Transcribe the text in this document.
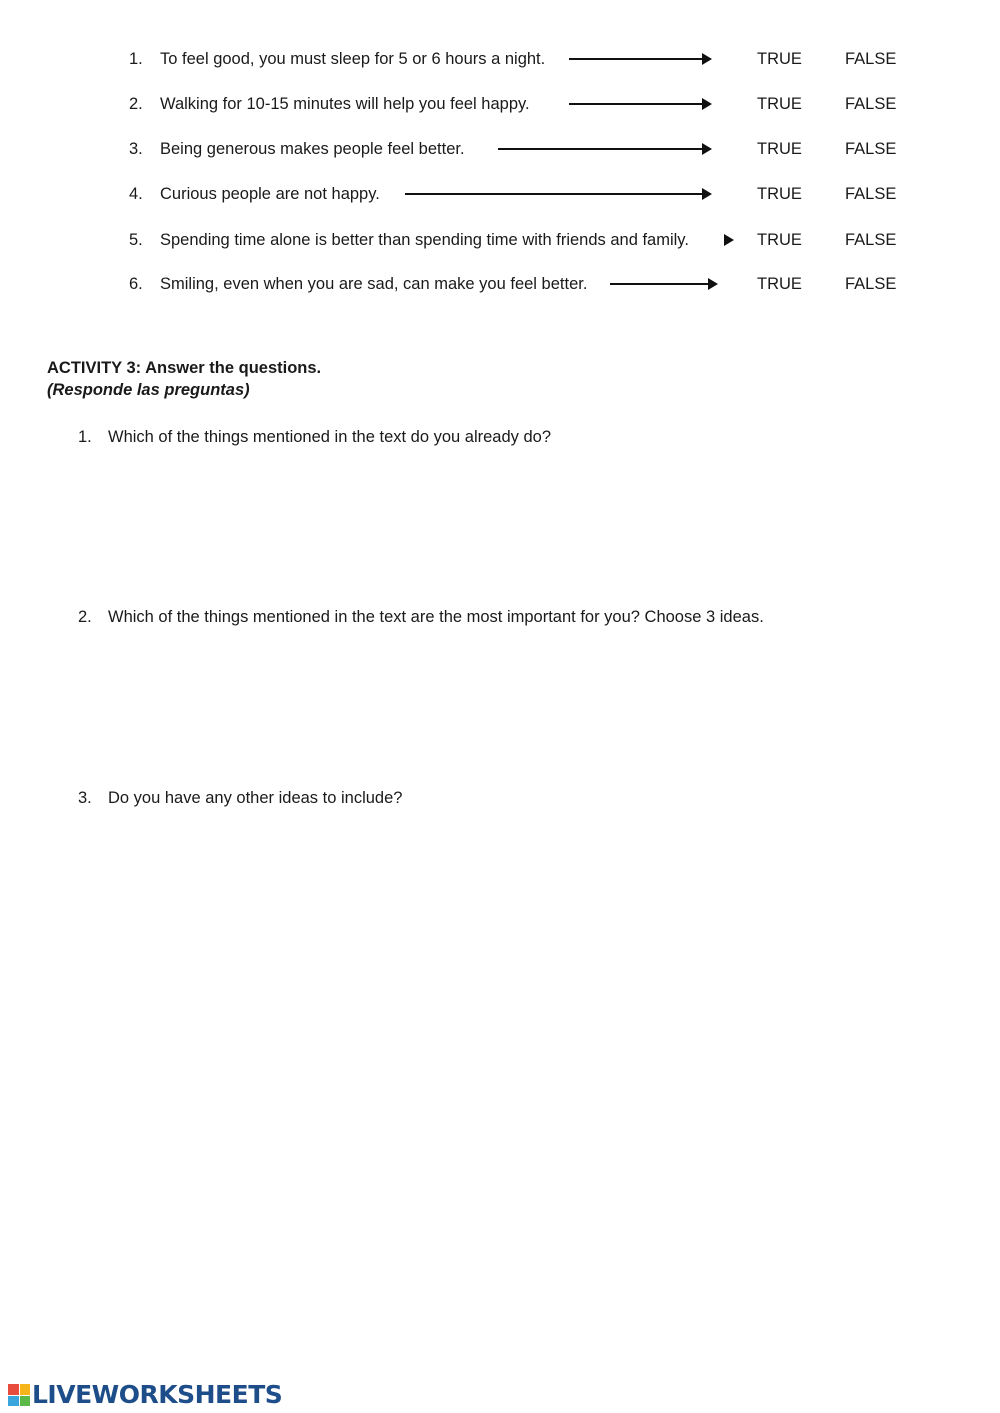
1. To feel good, you must sleep for 5 or 6 hours a night.	TRUE	FALSE
2. Walking for 10-15 minutes will help you feel happy.	TRUE	FALSE
3. Being generous makes people feel better.	TRUE	FALSE
4. Curious people are not happy.	TRUE	FALSE
5. Spending time alone is better than spending time with friends and family.	TRUE	FALSE
6. Smiling, even when you are sad, can make you feel better.	TRUE	FALSE
ACTIVITY 3: Answer the questions.
(Responde las preguntas)
1. Which of the things mentioned in the text do you already do?
2. Which of the things mentioned in the text are the most important for you? Choose 3 ideas.
3. Do you have any other ideas to include?
LIVEWORKSHEETS
